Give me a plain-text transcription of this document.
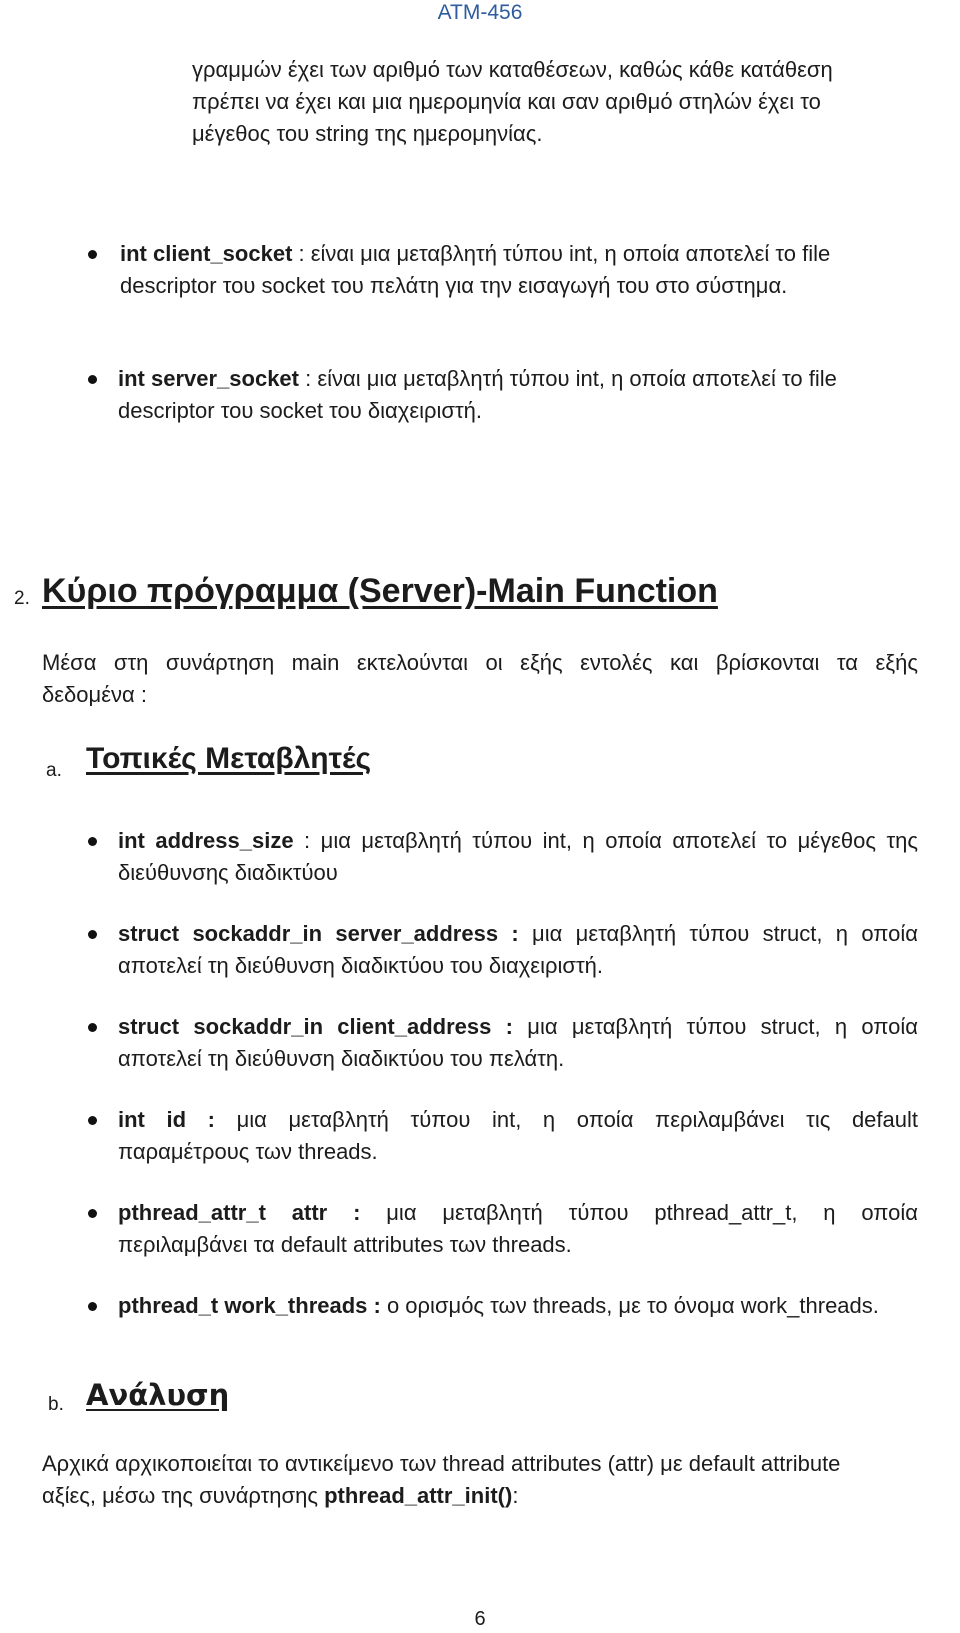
ATM-456
γραμμών έχει των αριθμό των καταθέσεων, καθώς κάθε κατάθεση
πρέπει να έχει και μια ημερομηνία και σαν αριθμό στηλών έχει το
μέγεθος του string της ημερομηνίας.
int client_socket : είναι μια μεταβλητή τύπου int, η οποία αποτελεί το file
descriptor του socket του πελάτη για την εισαγωγή του στο σύστημα.
int server_socket : είναι μια μεταβλητή τύπου int, η οποία αποτελεί το file
descriptor του socket του διαχειριστή.
2. Κύριο πρόγραμμα (Server)-Main Function
Μέσα στη συνάρτηση main εκτελούνται οι εξής εντολές και βρίσκονται τα εξής
δεδομένα :
a. Τοπικές Μεταβλητές
int address_size : μια μεταβλητή τύπου int, η οποία αποτελεί το μέγεθος της
διεύθυνσης διαδικτύου
struct sockaddr_in server_address : μια μεταβλητή τύπου struct, η οποία
αποτελεί τη διεύθυνση διαδικτύου του διαχειριστή.
struct sockaddr_in client_address : μια μεταβλητή τύπου struct, η οποία
αποτελεί τη διεύθυνση διαδικτύου του πελάτη.
int id : μια μεταβλητή τύπου int, η οποία περιλαμβάνει τις default
παραμέτρους των threads.
pthread_attr_t attr : μια μεταβλητή τύπου pthread_attr_t, η οποία
περιλαμβάνει τα default attributes των threads.
pthread_t work_threads : ο ορισμός των threads, με το όνομα work_threads.
b. Ανάλυση
Αρχικά αρχικοποιείται το αντικείμενο των thread attributes (attr) με default attribute
αξίες, μέσω της συνάρτησης pthread_attr_init():
6
